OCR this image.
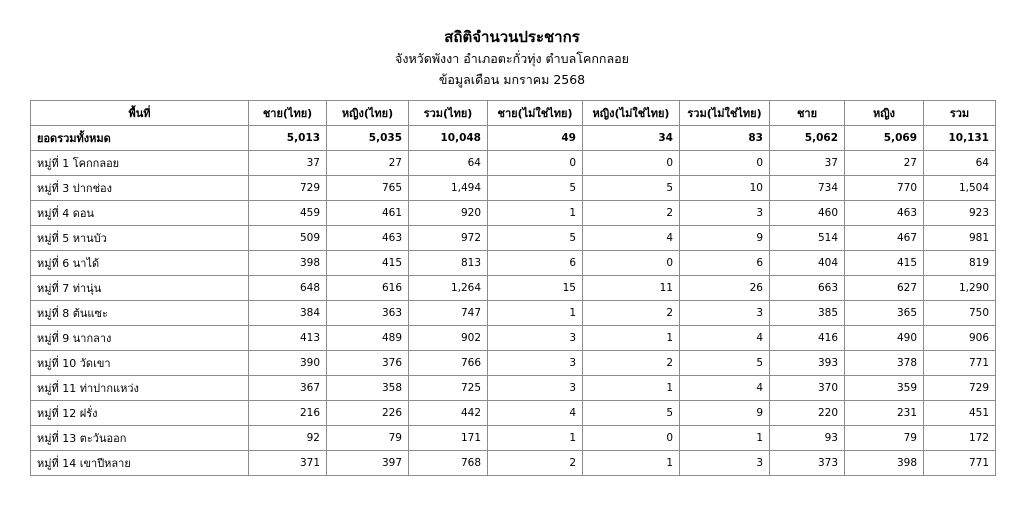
สถิติจำนวนประชากร
จังหวัดพังงา อำเภอตะกั่วทุ่ง ตำบลโคกกลอย
ข้อมูลเดือน มกราคม 2568
พื้นที่	ชาย(ไทย)	หญิง(ไทย)	รวม(ไทย)	ชาย(ไม่ใช่ไทย)	หญิง(ไม่ใช่ไทย)	รวม(ไม่ใช่ไทย)	ชาย	หญิง	รวม
ยอดรวมทั้งหมด	5,013	5,035	10,048	49	34	83	5,062	5,069	10,131
หมู่ที่ 1 โคกกลอย	37	27	64	0	0	0	37	27	64
หมู่ที่ 3 ปากช่อง	729	765	1,494	5	5	10	734	770	1,504
หมู่ที่ 4 ดอน	459	461	920	1	2	3	460	463	923
หมู่ที่ 5 หานบัว	509	463	972	5	4	9	514	467	981
หมู่ที่ 6 นาได้	398	415	813	6	0	6	404	415	819
หมู่ที่ 7 ท่านุ่น	648	616	1,264	15	11	26	663	627	1,290
หมู่ที่ 8 ต้นแซะ	384	363	747	1	2	3	385	365	750
หมู่ที่ 9 นากลาง	413	489	902	3	1	4	416	490	906
หมู่ที่ 10 วัดเขา	390	376	766	3	2	5	393	378	771
หมู่ที่ 11 ท่าปากแหว่ง	367	358	725	3	1	4	370	359	729
หมู่ที่ 12 ฝรั่ง	216	226	442	4	5	9	220	231	451
หมู่ที่ 13 ตะวันออก	92	79	171	1	0	1	93	79	172
หมู่ที่ 14 เขาปีหลาย	371	397	768	2	1	3	373	398	771
